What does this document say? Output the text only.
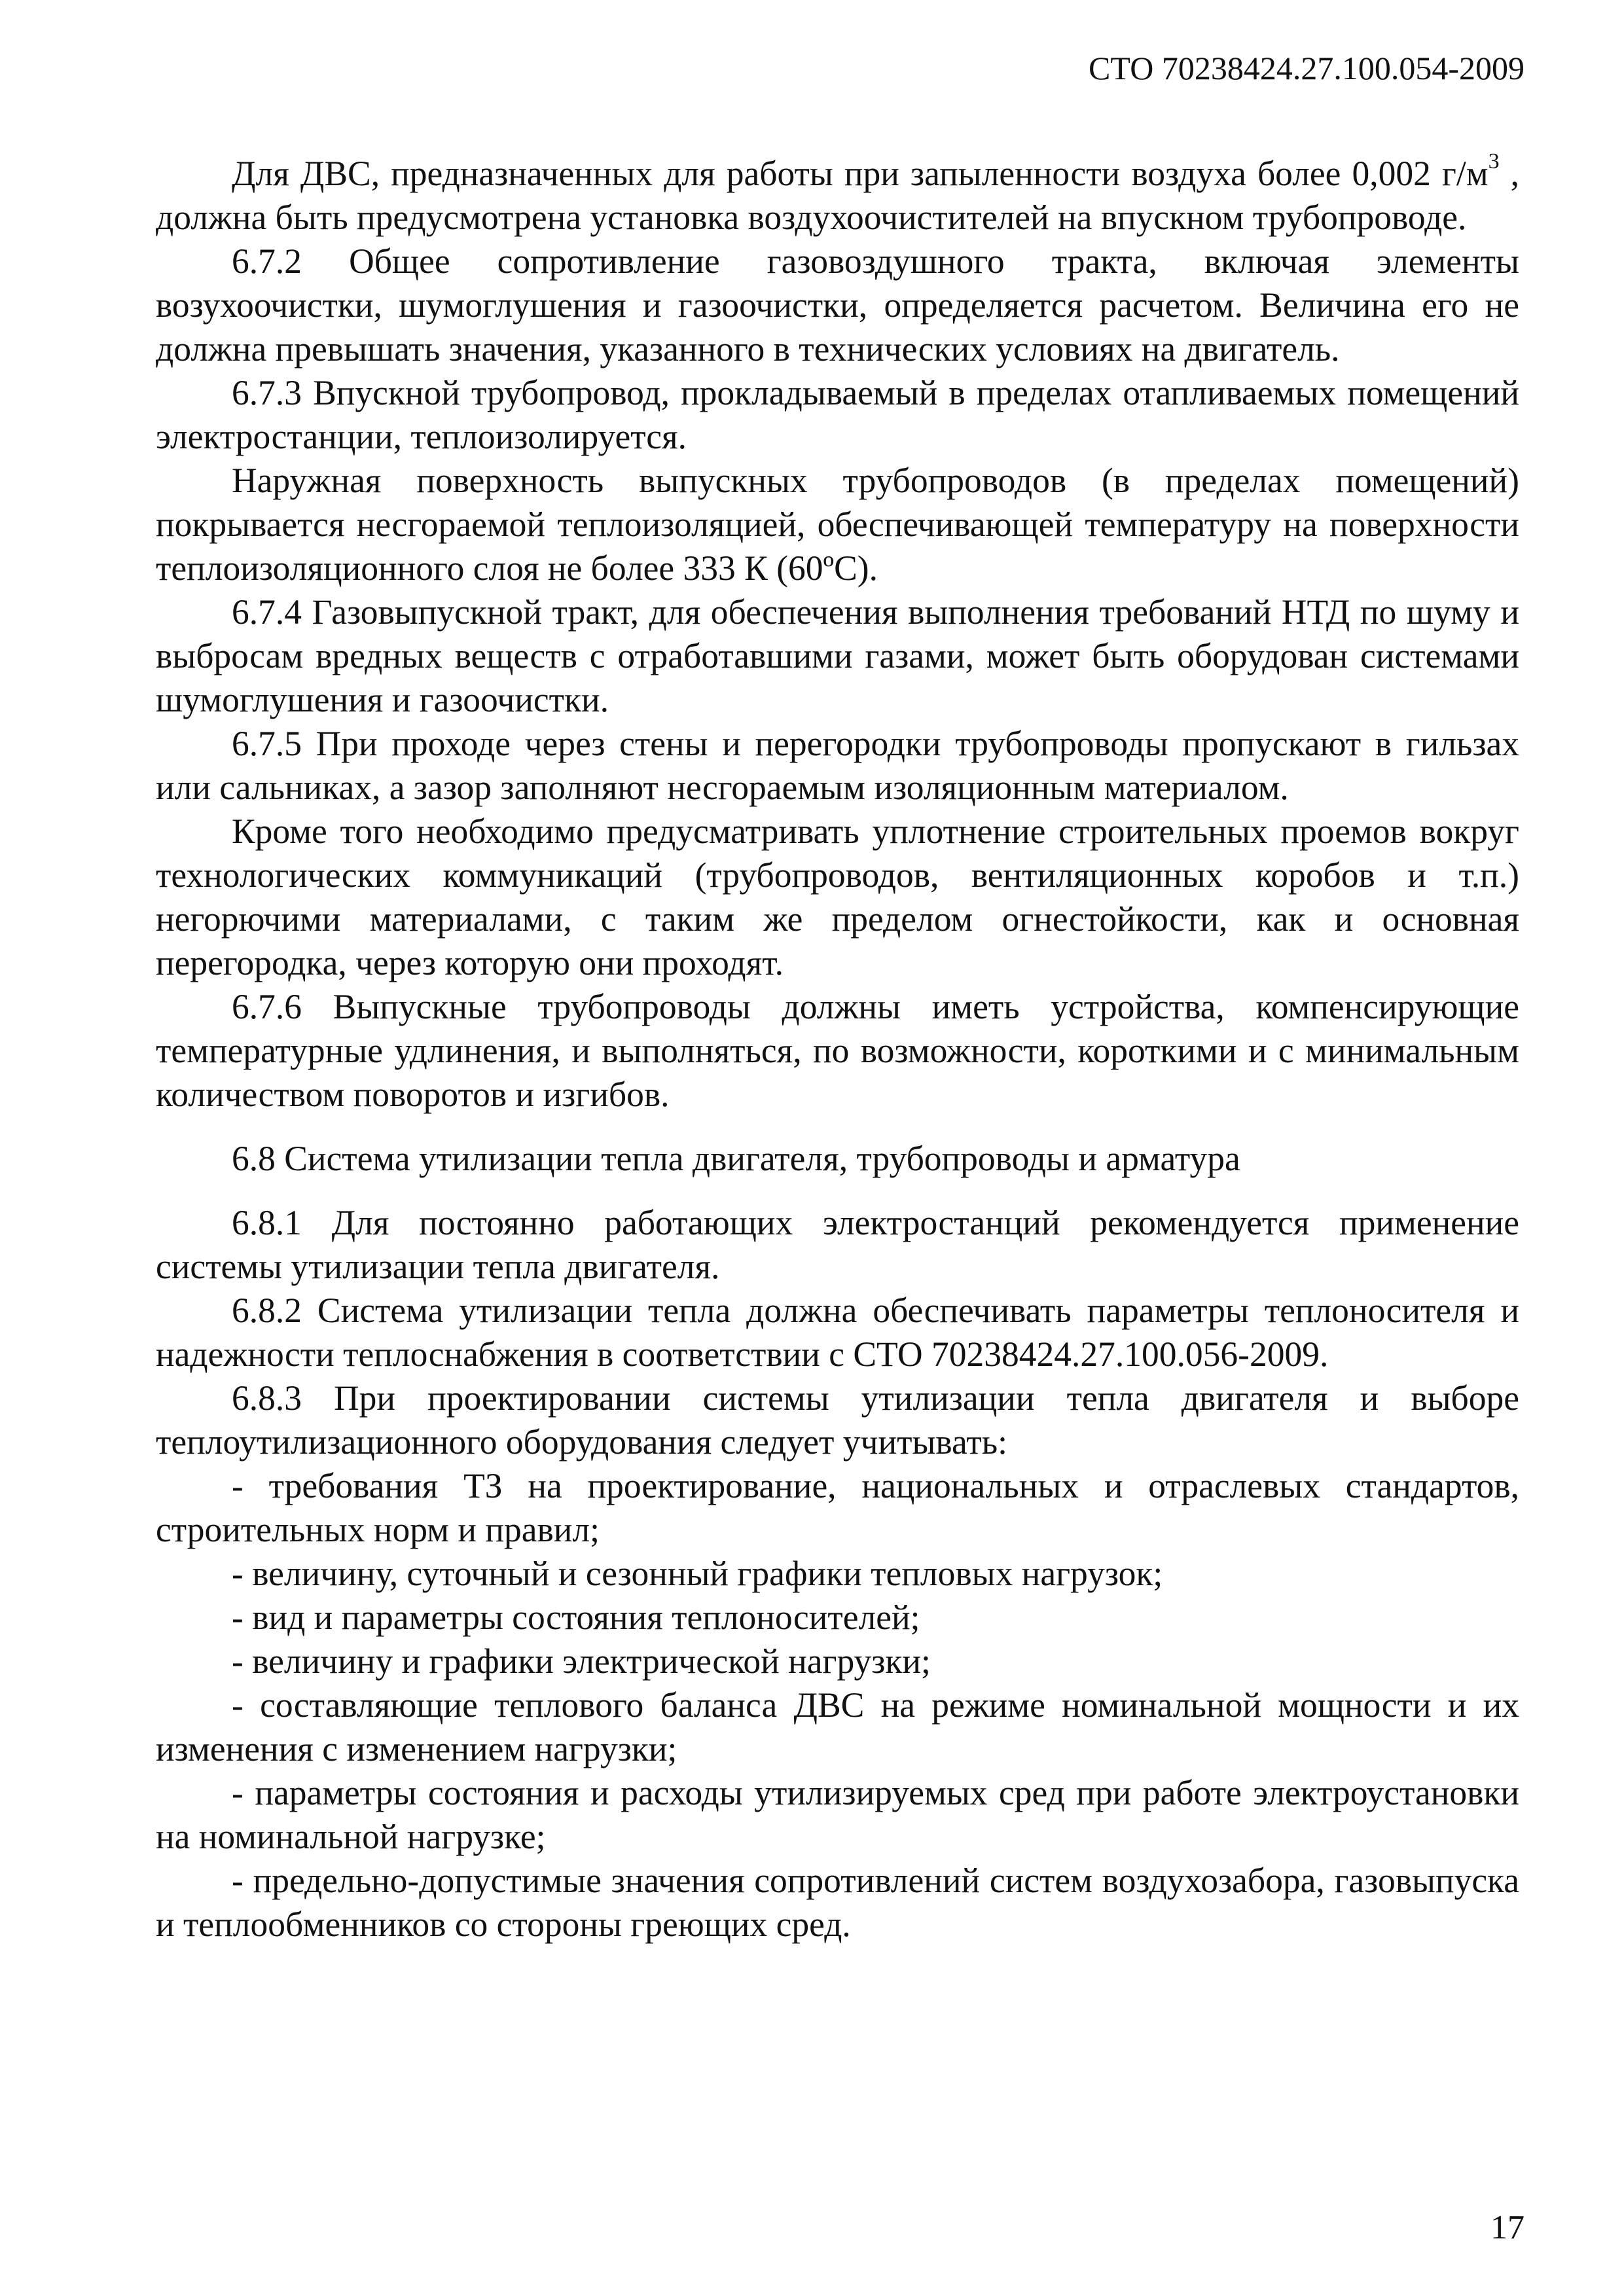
СТО 70238424.27.100.054-2009

Для ДВС, предназначенных для работы при запыленности воздуха более 0,002 $г/м^3$ , должна быть предусмотрена установка воздухоочистителей на впускном трубопроводе.

6.7.2 Общее сопротивление газовоздушного тракта, включая элементы возухоочистки, шумоглушения и газоочистки, определяется расчетом. Величина его не должна превышать значения, указанного в технических условиях на двигатель.

6.7.3 Впускной трубопровод, прокладываемый в пределах отапливаемых помещений электростанции, теплоизолируется.

Наружная поверхность выпускных трубопроводов (в пределах помещений) покрывается несгораемой теплоизоляцией, обеспечивающей температуру на поверхности теплоизоляционного слоя не более 333 К (60ºС).

6.7.4 Газовыпускной тракт, для обеспечения выполнения требований НТД по шуму и выбросам вредных веществ с отработавшими газами, может быть оборудован системами шумоглушения и газоочистки.

6.7.5 При проходе через стены и перегородки трубопроводы пропускают в гильзах или сальниках, а зазор заполняют несгораемым изоляционным материалом.

Кроме того необходимо предусматривать уплотнение строительных проемов вокруг технологических коммуникаций (трубопроводов, вентиляционных коробов и т.п.) негорючими материалами, с таким же пределом огнестойкости, как и основная перегородка, через которую они проходят.

6.7.6 Выпускные трубопроводы должны иметь устройства, компенсирующие температурные удлинения, и выполняться, по возможности, короткими и с минимальным количеством поворотов и изгибов.

6.8 Система утилизации тепла двигателя, трубопроводы и арматура

6.8.1 Для постоянно работающих электростанций рекомендуется применение системы утилизации тепла двигателя.

6.8.2 Система утилизации тепла должна обеспечивать параметры теплоносителя и надежности теплоснабжения в соответствии с СТО 70238424.27.100.056-2009.

6.8.3 При проектировании системы утилизации тепла двигателя и выборе теплоутилизационного оборудования следует учитывать:

- требования ТЗ на проектирование, национальных и отраслевых стандартов, строительных норм и правил;

- величину, суточный и сезонный графики тепловых нагрузок;

- вид и параметры состояния теплоносителей;

- величину и графики электрической нагрузки;

- составляющие теплового баланса ДВС на режиме номинальной мощности и их изменения с изменением нагрузки;

- параметры состояния и расходы утилизируемых сред при работе электроустановки на номинальной нагрузке;

- предельно-допустимые значения сопротивлений систем воздухозабора, газовыпуска и теплообменников со стороны греющих сред.

17
